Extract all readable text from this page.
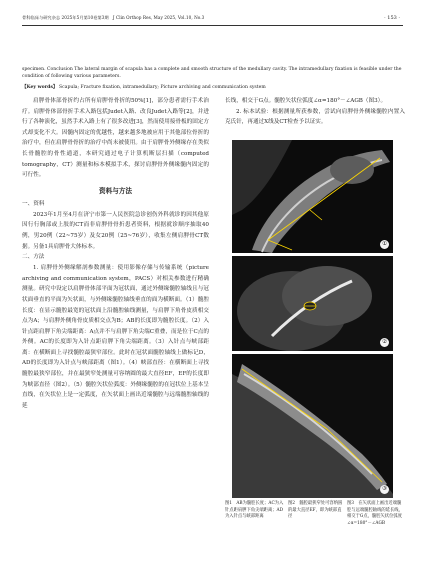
骨科临床与研究杂志 2025年5月第10卷第3期　J Clin Orthop Res, May 2025, Vol.10, No.3	· 153 ·
specimen. Conclusion The lateral margin of scapula has a complete and smooth structure of the medullary cavity. The intramedullary fixation is feasible under the condition of following various parameters.
【Key words】 Scapula; Fracture fixation, intramedullary; Picture archiving and communication system

肩胛骨体部骨折约占所有肩胛骨骨折的50%[1]，部分患者需行手术治疗。肩胛骨体部骨折手术入路包括Judet入路、改良Judet入路等[2]，并进行了各种演化，虽然手术入路上有了很多改进[3]，然而使用接骨板的固定方式却变化不大。因髓内固定的优越性，越来越多地被应用于其他部位骨折的治疗中，但在肩胛骨骨折的治疗中尚未被使用。由于肩胛骨外侧缘存在类似长骨髓腔的骨性通道，本研究通过电子计算机断层扫描（computed tomography，CT）测量和标本模拟手术，探讨肩胛骨外侧缘髓内固定的可行性。

资料与方法

一、资料

2023年1月至4月在济宁市第一人民医院急诊创伤外科就诊的因其他原因行行胸部或上肢的CT而非肩胛骨骨折患者资料，根据就诊顺序抽取40例，男20例（22~75岁）及女20例（25~76岁），收集左侧肩胛骨CT数据。另备1具肩胛骨大体标本。

二、方法

1. 肩胛骨外侧缘解剖参数测量：使用影像存储与传输系统（picture archiving and communication system，PACS）对相关参数进行精确测量。研究中设定以肩胛骨体部平面为冠状面，通过外侧缘髓腔轴线且与冠状面垂直的平面为矢状面，与外侧缘髓腔轴线垂直的面为横断面。（1）髓腔长度：在显示髓腔最宽的冠状面上沿髓腔轴线测量，与肩胛下角骨皮质相交点为A；与肩胛外侧角骨皮质相交点为B；AB的长度即为髓腔长度。（2）入针点距肩胛下角尖端距离：A点并不与肩胛下角尖端C重叠，而是位于C点的外侧。AC的长度即为入针点距肩胛下角尖端距离。（3）入针点与峡部距离：在横断面上寻找髓腔最狭窄部位。此时在冠状面髓腔轴线上做标记D，AD的长度即为入针点与峡部距离（图1）。（4）峡部直径：在横断面上寻找髓腔最狭窄部位，并在最狭窄处测量可容纳圆的最大直径EF，EF的长度即为峡部直径（图2）。（5）髓腔矢状位弧度：外侧缘髓腔的在冠状位上基本呈直线，在矢状位上是一定弧度，在矢状面上画出近端髓腔与远端髓腔轴线的延

长线，相交于G点。髓腔矢状位弧度∠α=180°－∠AGB（图3）。

2. 标本试验：根据测量所获参数，尝试向肩胛骨外侧缘髓腔内置入克氏针，再通过X线及CT检查予以证实。

①
②
③
图1　AB为髓腔长度；AC为入针点距肩胛下角尖端距离；AD为入针点与峡部距离
图2　髓腔最狭窄处可容纳圆的最大直径EF，即为峡部直径
图3　在矢状面上画出近端髓腔与远端髓腔轴线的延长线，相交于G点，髓腔矢状位弧度∠α=180°－∠AGB
